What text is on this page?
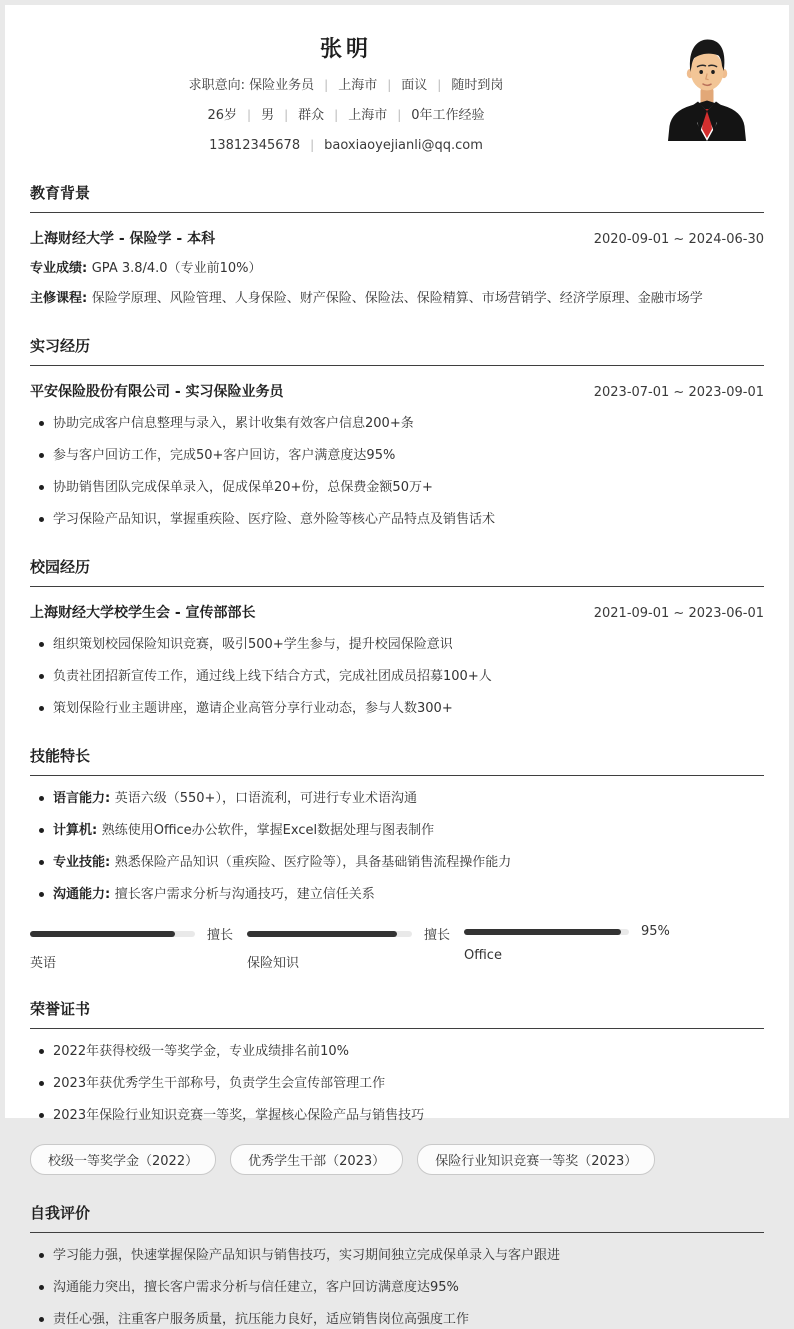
张明
求职意向: 保险业务员 | 上海市 | 面议 | 随时到岗
26岁 | 男 | 群众 | 上海市 | 0年工作经验
13812345678 | baoxiaoyejianli@qq.com
教育背景
上海财经大学 - 保险学 - 本科	2020-09-01 ~ 2024-06-30
专业成绩: GPA 3.8/4.0（专业前10%）
主修课程: 保险学原理、风险管理、人身保险、财产保险、保险法、保险精算、市场营销学、经济学原理、金融市场学
实习经历
平安保险股份有限公司 - 实习保险业务员	2023-07-01 ~ 2023-09-01
协助完成客户信息整理与录入，累计收集有效客户信息200+条
参与客户回访工作，完成50+客户回访，客户满意度达95%
协助销售团队完成保单录入，促成保单20+份，总保费金额50万+
学习保险产品知识，掌握重疾险、医疗险、意外险等核心产品特点及销售话术
校园经历
上海财经大学校学生会 - 宣传部部长	2021-09-01 ~ 2023-06-01
组织策划校园保险知识竞赛，吸引500+学生参与，提升校园保险意识
负责社团招新宣传工作，通过线上线下结合方式，完成社团成员招募100+人
策划保险行业主题讲座，邀请企业高管分享行业动态，参与人数300+
技能特长
语言能力: 英语六级（550+），口语流利，可进行专业术语沟通
计算机: 熟练使用Office办公软件，掌握Excel数据处理与图表制作
专业技能: 熟悉保险产品知识（重疾险、医疗险等），具备基础销售流程操作能力
沟通能力: 擅长客户需求分析与沟通技巧，建立信任关系
擅长
英语
擅长
保险知识
95%
Office
荣誉证书
2022年获得校级一等奖学金，专业成绩排名前10%
2023年获优秀学生干部称号，负责学生会宣传部管理工作
2023年保险行业知识竞赛一等奖，掌握核心保险产品与销售技巧
校级一等奖学金（2022）	优秀学生干部（2023）	保险行业知识竞赛一等奖（2023）
自我评价
学习能力强，快速掌握保险产品知识与销售技巧，实习期间独立完成保单录入与客户跟进
沟通能力突出，擅长客户需求分析与信任建立，客户回访满意度达95%
责任心强，注重客户服务质量，抗压能力良好，适应销售岗位高强度工作
